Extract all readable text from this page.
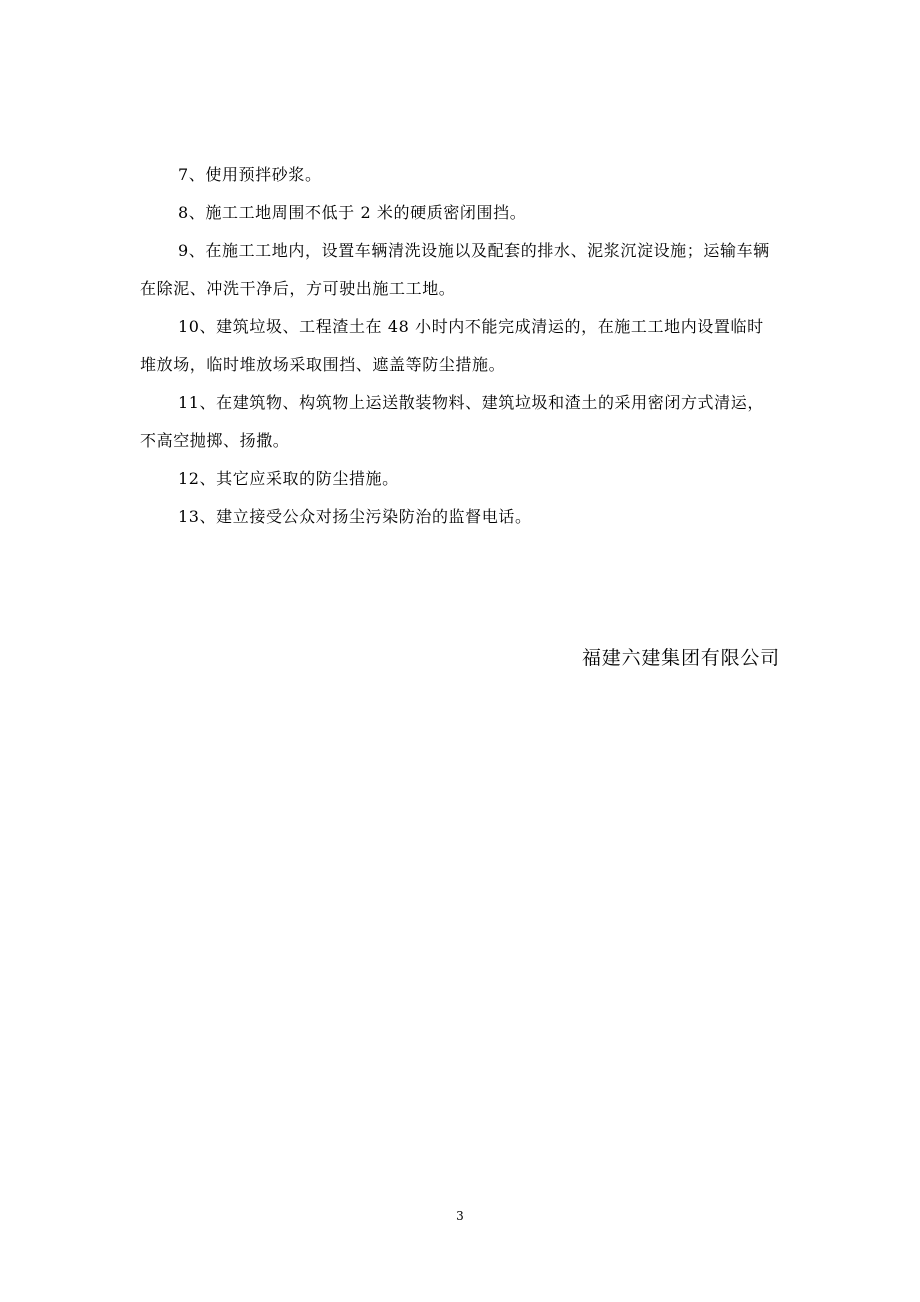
7、使用预拌砂浆。

8、施工工地周围不低于 2 米的硬质密闭围挡。

9、在施工工地内，设置车辆清洗设施以及配套的排水、泥浆沉淀设施；运输车辆在除泥、冲洗干净后，方可驶出施工工地。

10、建筑垃圾、工程渣土在 48 小时内不能完成清运的，在施工工地内设置临时堆放场，临时堆放场采取围挡、遮盖等防尘措施。

11、在建筑物、构筑物上运送散装物料、建筑垃圾和渣土的采用密闭方式清运，不高空抛掷、扬撒。

12、其它应采取的防尘措施。

13、建立接受公众对扬尘污染防治的监督电话。

福建六建集团有限公司

3
